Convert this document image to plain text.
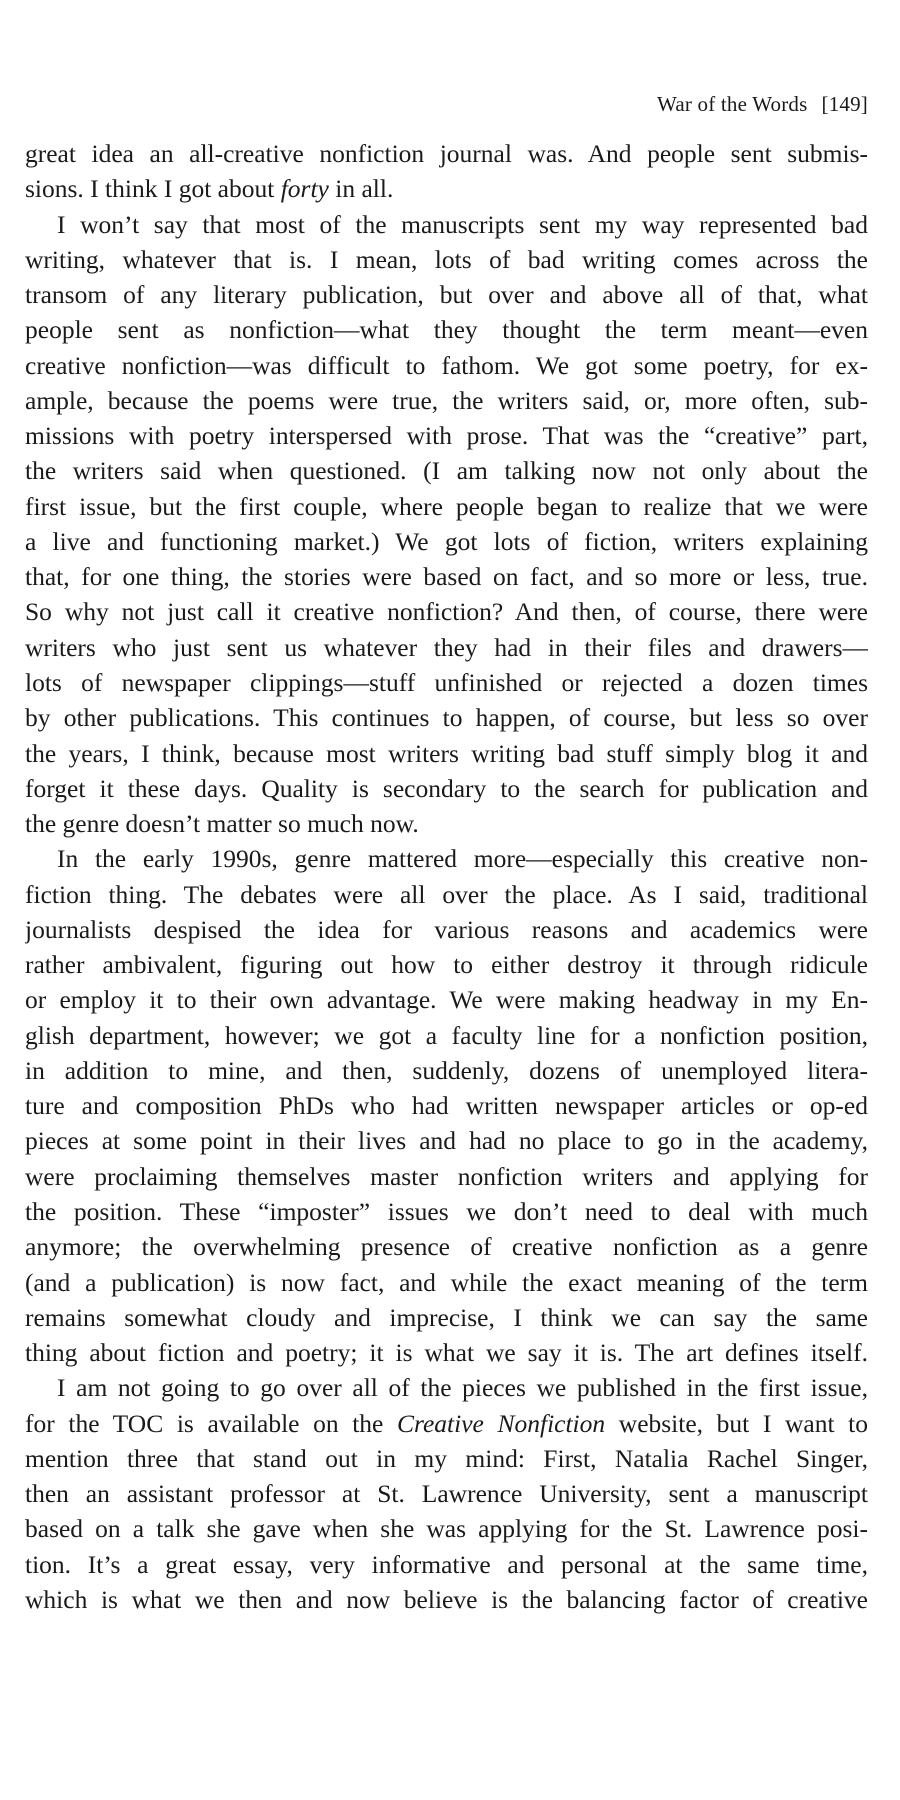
War of the Words [149]
great idea an all-creative nonfiction journal was. And people sent submis-
sions. I think I got about forty in all.
I won’t say that most of the manuscripts sent my way represented bad
writing, whatever that is. I mean, lots of bad writing comes across the
transom of any literary publication, but over and above all of that, what
people sent as nonfiction—what they thought the term meant—even
creative nonfiction—was difficult to fathom. We got some poetry, for ex-
ample, because the poems were true, the writers said, or, more often, sub-
missions with poetry interspersed with prose. That was the “creative” part,
the writers said when questioned. (I am talking now not only about the
first issue, but the first couple, where people began to realize that we were
a live and functioning market.) We got lots of fiction, writers explaining
that, for one thing, the stories were based on fact, and so more or less, true.
So why not just call it creative nonfiction? And then, of course, there were
writers who just sent us whatever they had in their files and drawers—
lots of newspaper clippings—stuff unfinished or rejected a dozen times
by other publications. This continues to happen, of course, but less so over
the years, I think, because most writers writing bad stuff simply blog it and
forget it these days. Quality is secondary to the search for publication and
the genre doesn’t matter so much now.
In the early 1990s, genre mattered more—especially this creative non-
fiction thing. The debates were all over the place. As I said, traditional
journalists despised the idea for various reasons and academics were
rather ambivalent, figuring out how to either destroy it through ridicule
or employ it to their own advantage. We were making headway in my En-
glish department, however; we got a faculty line for a nonfiction position,
in addition to mine, and then, suddenly, dozens of unemployed litera-
ture and composition PhDs who had written newspaper articles or op-ed
pieces at some point in their lives and had no place to go in the academy,
were proclaiming themselves master nonfiction writers and applying for
the position. These “imposter” issues we don’t need to deal with much
anymore; the overwhelming presence of creative nonfiction as a genre
(and a publication) is now fact, and while the exact meaning of the term
remains somewhat cloudy and imprecise, I think we can say the same
thing about fiction and poetry; it is what we say it is. The art defines itself.
I am not going to go over all of the pieces we published in the first issue,
for the TOC is available on the Creative Nonfiction website, but I want to
mention three that stand out in my mind: First, Natalia Rachel Singer,
then an assistant professor at St. Lawrence University, sent a manuscript
based on a talk she gave when she was applying for the St. Lawrence posi-
tion. It’s a great essay, very informative and personal at the same time,
which is what we then and now believe is the balancing factor of creative
